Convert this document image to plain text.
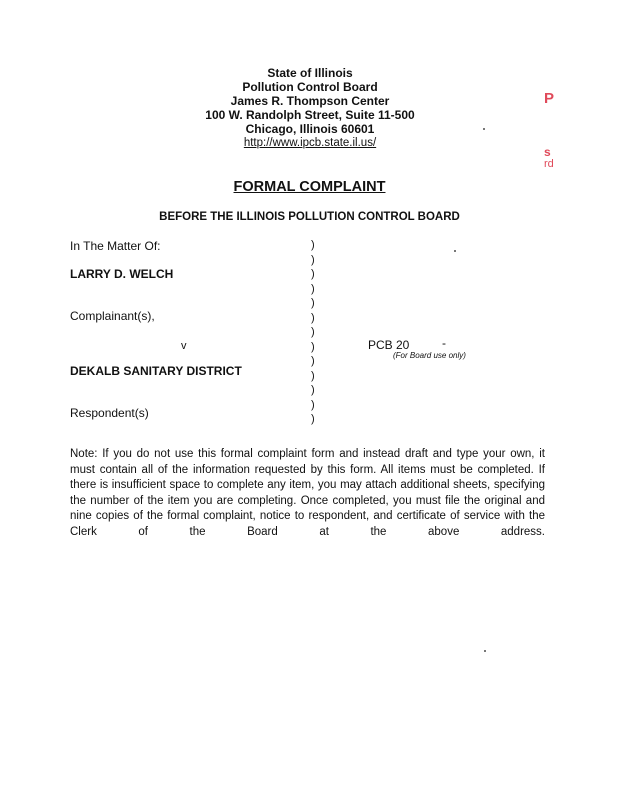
State of Illinois
Pollution Control Board
James R. Thompson Center
100 W. Randolph Street, Suite 11-500
Chicago, Illinois 60601
http://www.ipcb.state.il.us/
P
s
rd
FORMAL COMPLAINT
BEFORE THE ILLINOIS POLLUTION CONTROL BOARD
In The Matter Of:
LARRY D. WELCH
Complainant(s),
v
DEKALB SANITARY DISTRICT
Respondent(s)
)
)
)
)
)
)
)
)
)
)
)
)
)
PCB 20	-
(For Board use only)
Note: If you do not use this formal complaint form and instead draft and type your own, it must contain all of the information requested by this form. All items must be completed. If there is insufficient space to complete any item, you may attach additional sheets, specifying the number of the item you are completing. Once completed, you must file the original and nine copies of the formal complaint, notice to respondent, and certificate of service with the Clerk of the Board at the above address.
